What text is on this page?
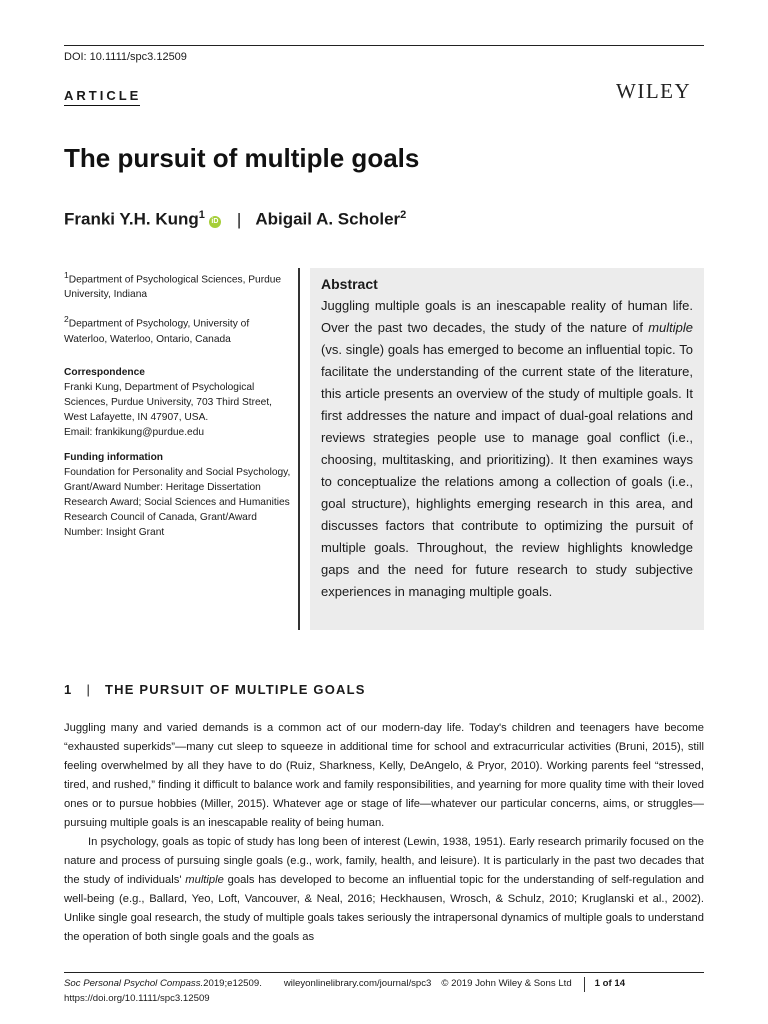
DOI: 10.1111/spc3.12509
ARTICLE	WILEY
The pursuit of multiple goals
Franki Y.H. Kung$^1$iD | Abigail A. Scholer$^2$

$^1$Department of Psychological Sciences, Purdue University, Indiana

$^2$Department of Psychology, University of Waterloo, Waterloo, Ontario, Canada

Correspondence

Franki Kung, Department of Psychological Sciences, Purdue University, 703 Third Street, West Lafayette, IN 47907, USA.

Email: frankikung@purdue.edu

Funding information

Foundation for Personality and Social Psychology, Grant/Award Number: Heritage Dissertation Research Award; Social Sciences and Humanities Research Council of Canada, Grant/Award Number: Insight Grant

Abstract

Juggling multiple goals is an inescapable reality of human life. Over the past two decades, the study of the nature of multiple (vs. single) goals has emerged to become an influential topic. To facilitate the understanding of the current state of the literature, this article presents an overview of the study of multiple goals. It first addresses the nature and impact of dual-goal relations and reviews strategies people use to manage goal conflict (i.e., choosing, multitasking, and prioritizing). It then examines ways to conceptualize the relations among a collection of goals (i.e., goal structure), highlights emerging research in this area, and discusses factors that contribute to optimizing the pursuit of multiple goals. Throughout, the review highlights knowledge gaps and the need for future research to study subjective experiences in managing multiple goals.

1 | THE PURSUIT OF MULTIPLE GOALS

Juggling many and varied demands is a common act of our modern-day life. Today's children and teenagers have become “exhausted superkids”—many cut sleep to squeeze in additional time for school and extracurricular activities (Bruni, 2015), still feeling overwhelmed by all they have to do (Ruiz, Sharkness, Kelly, DeAngelo, & Pryor, 2010). Working parents feel “stressed, tired, and rushed,” finding it difficult to balance work and family responsibilities, and yearning for more quality time with their loved ones or to pursue hobbies (Miller, 2015). Whatever age or stage of life—whatever our particular concerns, aims, or struggles—pursuing multiple goals is an inescapable reality of being human.

In psychology, goals as topic of study has long been of interest (Lewin, 1938, 1951). Early research primarily focused on the nature and process of pursuing single goals (e.g., work, family, health, and leisure). It is particularly in the past two decades that the study of individuals' multiple goals has developed to become an influential topic for the understanding of self-regulation and well-being (e.g., Ballard, Yeo, Loft, Vancouver, & Neal, 2016; Heckhausen, Wrosch, & Schulz, 2010; Kruglanski et al., 2002). Unlike single goal research, the study of multiple goals takes seriously the intrapersonal dynamics of multiple goals to understand the operation of both single goals and the goals as

Soc Personal Psychol Compass. 2019;e12509. wileyonlinelibrary.com/journal/spc3 © 2019 John Wiley & Sons Ltd 1 of 14
https://doi.org/10.1111/spc3.12509
